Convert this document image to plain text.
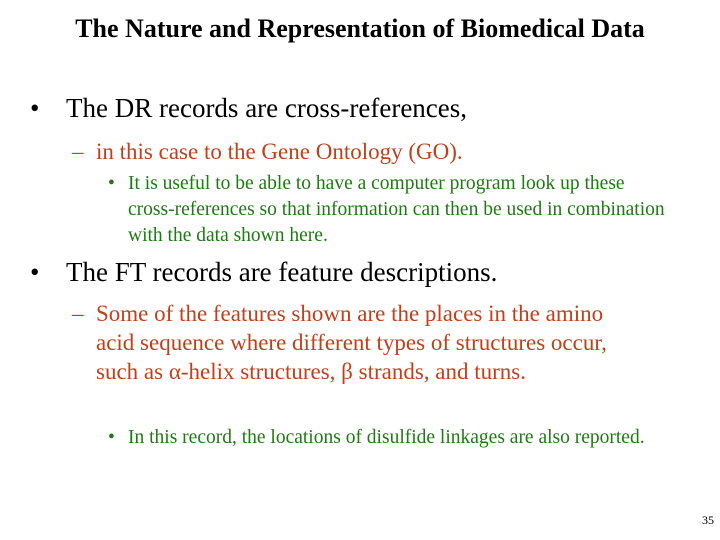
The Nature and Representation of Biomedical Data
• The DR records are cross-references,
– in this case to the Gene Ontology (GO).
• It is useful to be able to have a computer program look up these cross-references so that information can then be used in combination with the data shown here.
• The FT records are feature descriptions.
– Some of the features shown are the places in the amino acid sequence where different types of structures occur, such as α-helix structures, β strands, and turns.
• In this record, the locations of disulfide linkages are also reported.
35
